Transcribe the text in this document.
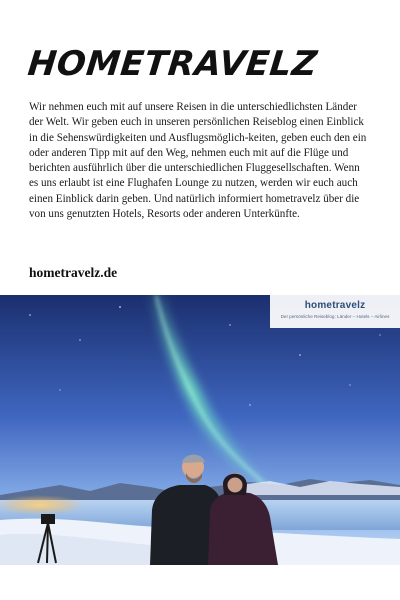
HOMETRAVELZ

Wir nehmen euch mit auf unsere Reisen in die unterschiedlichsten Länder der Welt. Wir geben euch in unseren persönlichen Reiseblog einen Einblick in die Sehenswürdigkeiten und Ausflugsmöglich-keiten, geben euch den ein oder anderen Tipp mit auf den Weg, nehmen euch mit auf die Flüge und berichten ausführlich über die unterschiedlichen Fluggesellschaften. Wenn es uns erlaubt ist eine Flughafen Lounge zu nutzen, werden wir euch auch einen Einblick darin geben. Und natürlich informiert hometravelz über die von uns genutzten Hotels, Resorts oder anderen Unterkünfte.

hometravelz.de
hometravelz
Der persönliche Reiseblog: Länder – Hotels – Airlines
